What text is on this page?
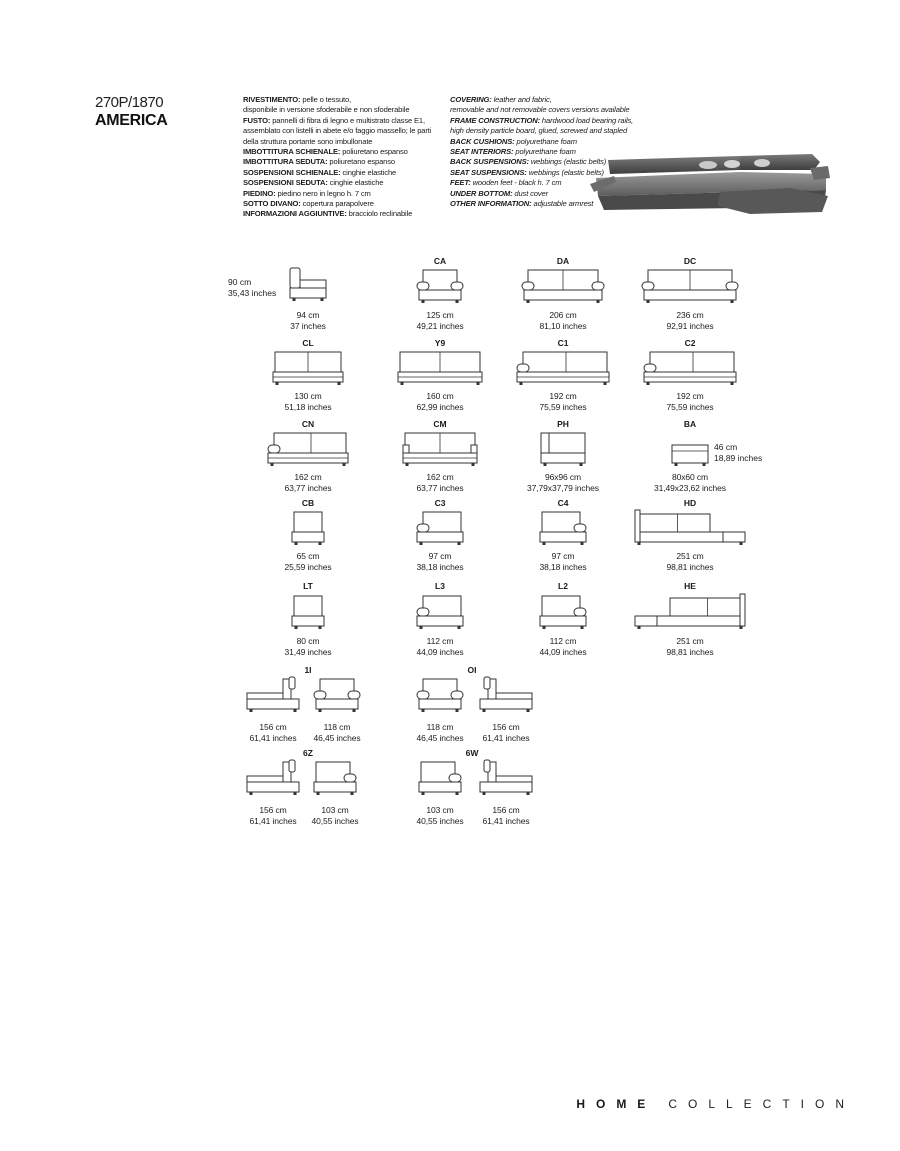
270P/1870
AMERICA
RIVESTIMENTO: pelle o tessuto,
disponibile in versione sfoderabile e non sfoderabile
FUSTO: pannelli di fibra di legno e multistrato classe E1,
assemblato con listelli in abete e/o faggio massello; le parti
della struttura portante sono imbullonate
IMBOTTITURA SCHIENALE: poliuretano espanso
IMBOTTITURA SEDUTA: poliuretano espanso
SOSPENSIONI SCHIENALE: cinghie elastiche
SOSPENSIONI SEDUTA: cinghie elastiche
PIEDINO: piedino nero in legno h. 7 cm
SOTTO DIVANO: copertura parapolvere
INFORMAZIONI AGGIUNTIVE: bracciolo reclinabile
COVERING: leather and fabric,
removable and not removable covers versions available
FRAME CONSTRUCTION: hardwood load bearing rails,
high density particle board, glued, screwed and stapled
BACK CUSHIONS: polyurethane foam
SEAT INTERIORS: polyurethane foam
BACK SUSPENSIONS: webbings (elastic belts)
SEAT SUSPENSIONS: webbings (elastic belts)
FEET: wooden feet - black h. 7 cm
UNDER BOTTOM: dust cover
OTHER INFORMATION: adjustable armrest
90 cm
35,43 inches
46 cm
18,89 inches
94 cm
37 inches
CA
125 cm
49,21 inches
DA
206 cm
81,10 inches
DC
236 cm
92,91 inches
CL
130 cm
51,18 inches
Y9
160 cm
62,99 inches
C1
192 cm
75,59 inches
C2
192 cm
75,59 inches
CN
162 cm
63,77 inches
CM
162 cm
63,77 inches
PH
96x96 cm
37,79x37,79 inches
BA
80x60 cm
31,49x23,62 inches
CB
65 cm
25,59 inches
C3
97 cm
38,18 inches
C4
97 cm
38,18 inches
HD
251 cm
98,81 inches
LT
80 cm
31,49 inches
L3
112 cm
44,09 inches
L2
112 cm
44,09 inches
HE
251 cm
98,81 inches
1I
156 cm
61,41 inches
118 cm
46,45 inches
OI
118 cm
46,45 inches
156 cm
61,41 inches
6Z
156 cm
61,41 inches
103 cm
40,55 inches
6W
103 cm
40,55 inches
156 cm
61,41 inches
HOME COLLECTION
